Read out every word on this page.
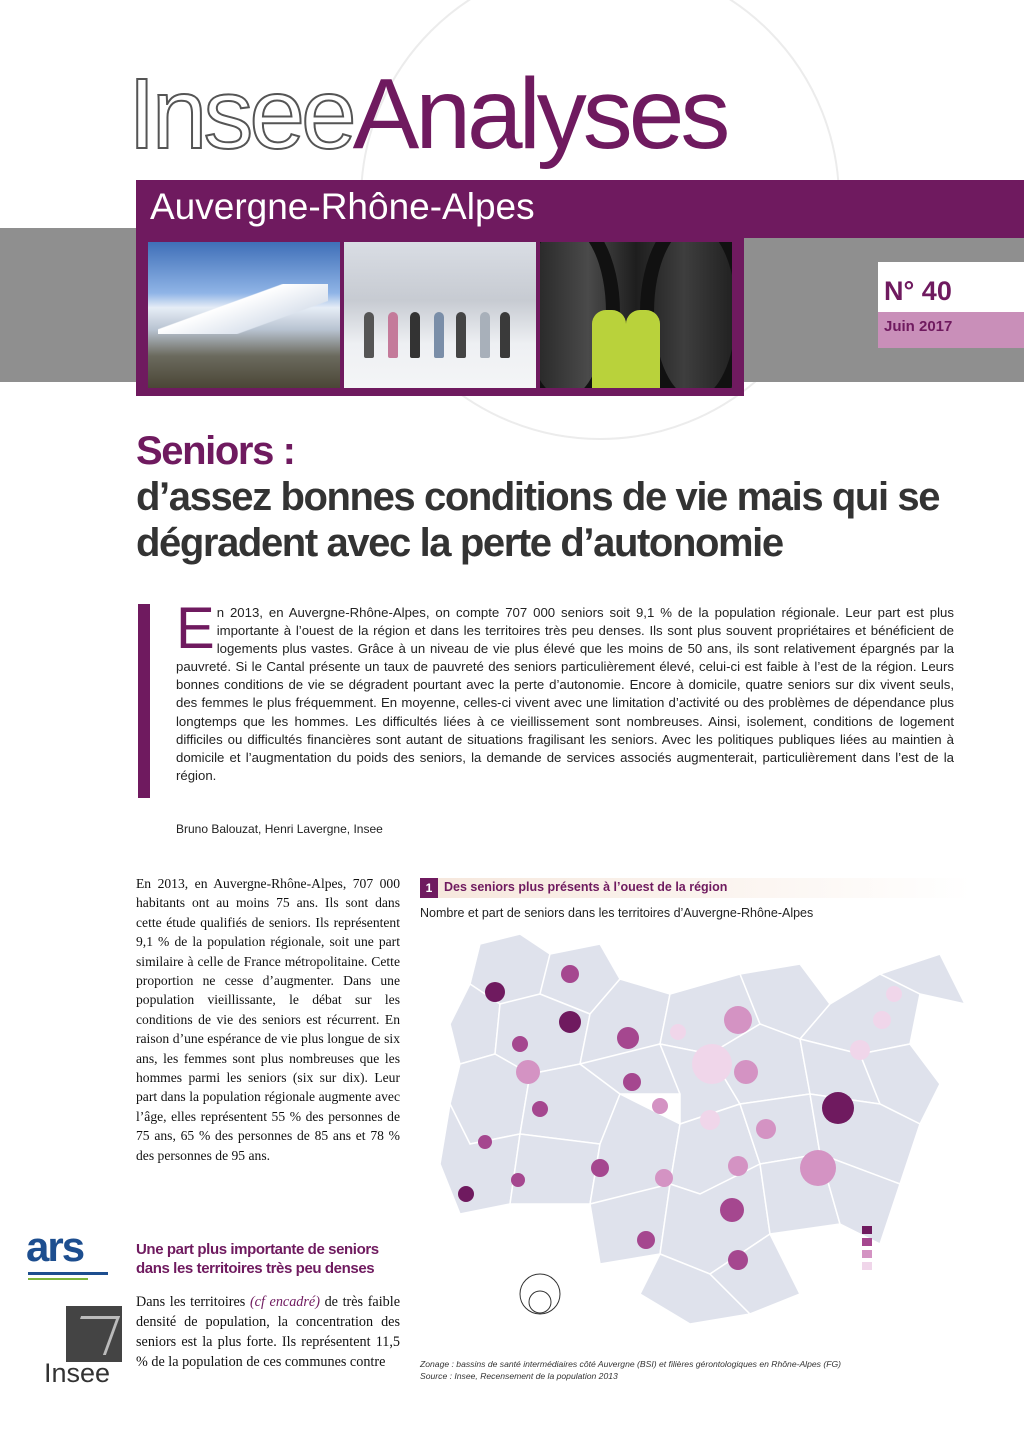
InseeAnalyses
Auvergne-Rhône-Alpes
N° 40
Juin 2017
Seniors :
d’assez bonnes conditions de vie mais qui se
dégradent avec la perte d’autonomie

En 2013, en Auvergne-Rhône-Alpes, on compte 707 000 seniors soit 9,1 % de la population régionale. Leur part est plus importante à l’ouest de la région et dans les territoires très peu denses. Ils sont plus souvent propriétaires et bénéficient de logements plus vastes. Grâce à un niveau de vie plus élevé que les moins de 50 ans, ils sont relativement épargnés par la pauvreté. Si le Cantal présente un taux de pauvreté des seniors particulièrement élevé, celui-ci est faible à l’est de la région. Leurs bonnes conditions de vie se dégradent pourtant avec la perte d’autonomie. Encore à domicile, quatre seniors sur dix vivent seuls, des femmes le plus fréquemment. En moyenne, celles-ci vivent avec une limitation d’activité ou des problèmes de dépendance plus longtemps que les hommes. Les difficultés liées à ce vieillissement sont nombreuses. Ainsi, isolement, conditions de logement difficiles ou difficultés financières sont autant de situations fragilisant les seniors. Avec les politiques publiques liées au maintien à domicile et l’augmentation du poids des seniors, la demande de services associés augmenterait, particulièrement dans l’est de la région.

Bruno Balouzat, Henri Lavergne, Insee

En 2013, en Auvergne-Rhône-Alpes, 707 000 habitants ont au moins 75 ans. Ils sont dans cette étude qualifiés de seniors. Ils représentent 9,1 % de la population régionale, soit une part similaire à celle de France métropolitaine. Cette proportion ne cesse d’augmenter. Dans une population vieillissante, le débat sur les conditions de vie des seniors est récurrent. En raison d’une espérance de vie plus longue de six ans, les femmes sont plus nombreuses que les hommes parmi les seniors (six sur dix). Leur part dans la population régionale augmente avec l’âge, elles représentent 55 % des personnes de 75 ans, 65 % des personnes de 85 ans et 78 % des personnes de 95 ans.

Une part plus importante de seniors dans les territoires très peu denses

Dans les territoires (cf encadré) de très faible densité de population, la concentration des seniors est la plus forte. Ils représentent 11,5 % de la population de ces communes contre

ars
Insee
1 Des seniors plus présents à l’ouest de la région
Nombre et part de seniors dans les territoires d’Auvergne-Rhône-Alpes
Zonage : bassins de santé intermédiaires côté Auvergne (BSI) et filières gérontologiques en Rhône-Alpes (FG)
Source : Insee, Recensement de la population 2013
